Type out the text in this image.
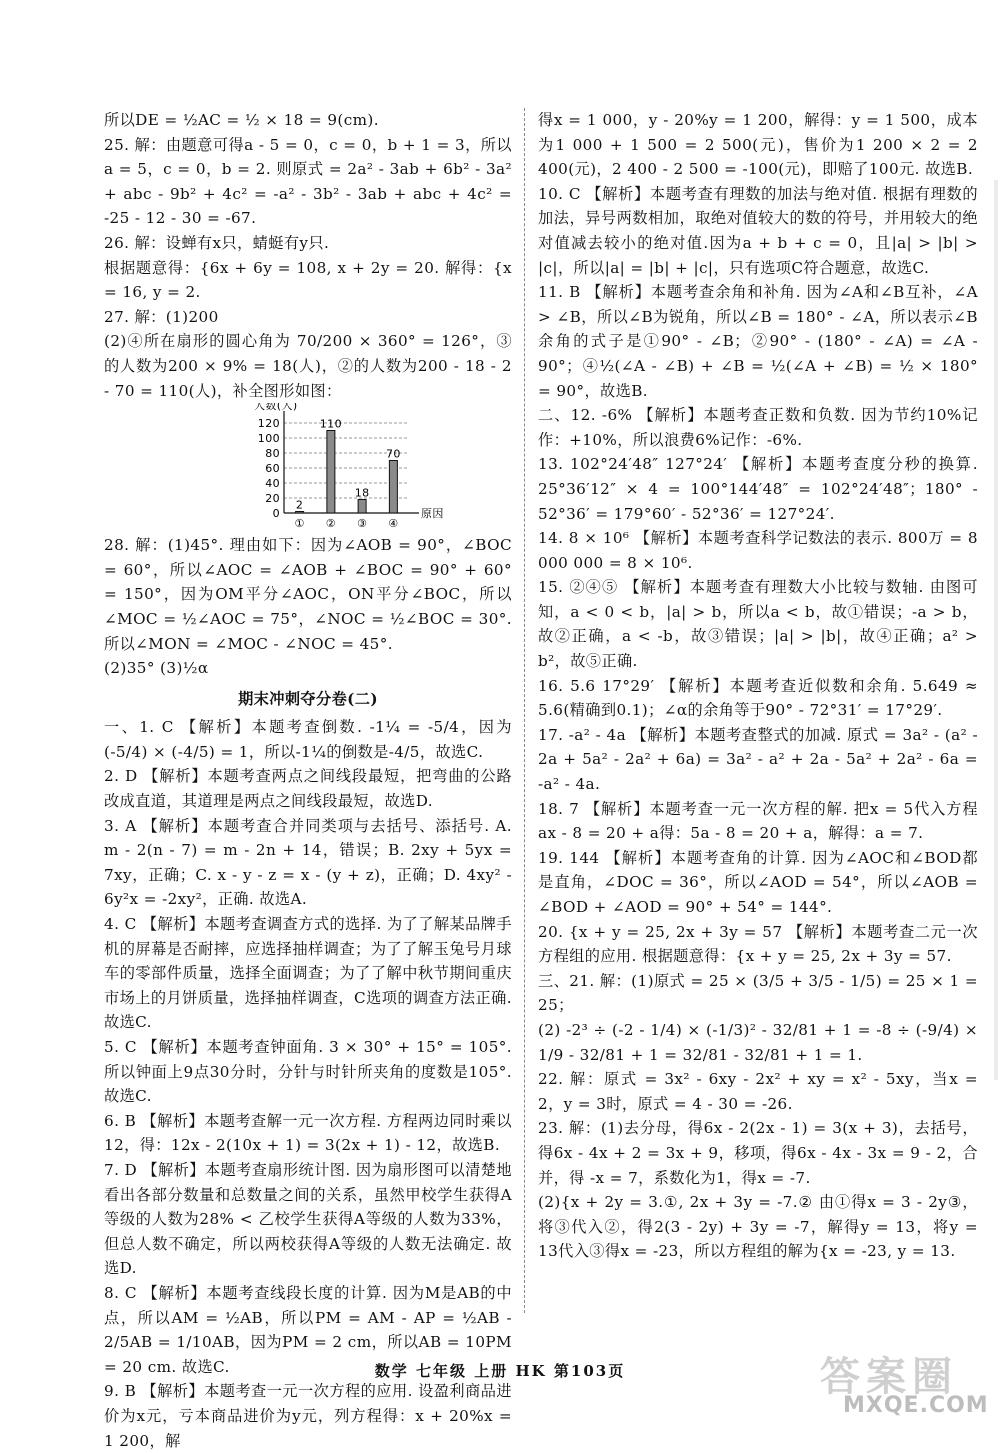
所以DE = ½AC = ½ × 18 = 9(cm).

25. 解：由题意可得a - 5 = 0，c = 0，b + 1 = 3，所以a = 5，c = 0，b = 2. 则原式 = 2a² - 3ab + 6b² - 3a² + abc - 9b² + 4c² = -a² - 3b² - 3ab + abc + 4c² = -25 - 12 - 30 = -67.

26. 解：设蝉有x只，蜻蜓有y只.

根据题意得：{6x + 6y = 108, x + 2y = 20. 解得：{x = 16, y = 2.

27. 解：(1)200

(2)④所在扇形的圆心角为 70/200 × 360° = 126°，③的人数为200 × 9% = 18(人)，②的人数为200 - 18 - 2 - 70 = 110(人)，补全图形如图：

0
20
40
60
80
100
120
人数(人)
原因
2
①
110
②
18
③
70
④

28. 解：(1)45°. 理由如下：因为∠AOB = 90°，∠BOC = 60°，所以∠AOC = ∠AOB + ∠BOC = 90° + 60° = 150°，因为OM平分∠AOC，ON平分∠BOC，所以∠MOC = ½∠AOC = 75°，∠NOC = ½∠BOC = 30°. 所以∠MON = ∠MOC - ∠NOC = 45°.

(2)35° (3)½α

期末冲刺夺分卷(二)

一、1. C 【解析】本题考查倒数. -1¼ = -5/4，因为(-5/4) × (-4/5) = 1，所以-1¼的倒数是-4/5，故选C.

2. D 【解析】本题考查两点之间线段最短，把弯曲的公路改成直道，其道理是两点之间线段最短，故选D.

3. A 【解析】本题考查合并同类项与去括号、添括号. A. m - 2(n - 7) = m - 2n + 14，错误；B. 2xy + 5yx = 7xy，正确；C. x - y - z = x - (y + z)，正确；D. 4xy² - 6y²x = -2xy²，正确. 故选A.

4. C 【解析】本题考查调查方式的选择. 为了了解某品牌手机的屏幕是否耐摔，应选择抽样调查；为了了解玉兔号月球车的零部件质量，选择全面调查；为了了解中秋节期间重庆市场上的月饼质量，选择抽样调查，C选项的调查方法正确. 故选C.

5. C 【解析】本题考查钟面角. 3 × 30° + 15° = 105°. 所以钟面上9点30分时，分针与时针所夹角的度数是105°. 故选C.

6. B 【解析】本题考查解一元一次方程. 方程两边同时乘以12，得：12x - 2(10x + 1) = 3(2x + 1) - 12，故选B.

7. D 【解析】本题考查扇形统计图. 因为扇形图可以清楚地看出各部分数量和总数量之间的关系，虽然甲校学生获得A等级的人数为28% < 乙校学生获得A等级的人数为33%，但总人数不确定，所以两校获得A等级的人数无法确定. 故选D.

8. C 【解析】本题考查线段长度的计算. 因为M是AB的中点，所以AM = ½AB，所以PM = AM - AP = ½AB - 2/5AB = 1/10AB，因为PM = 2 cm，所以AB = 10PM = 20 cm. 故选C.

9. B 【解析】本题考查一元一次方程的应用. 设盈利商品进价为x元，亏本商品进价为y元，列方程得：x + 20%x = 1 200，解

得x = 1 000，y - 20%y = 1 200，解得：y = 1 500，成本为1 000 + 1 500 = 2 500(元)，售价为1 200 × 2 = 2 400(元)，2 400 - 2 500 = -100(元)，即赔了100元. 故选B.

10. C 【解析】本题考查有理数的加法与绝对值. 根据有理数的加法，异号两数相加，取绝对值较大的数的符号，并用较大的绝对值减去较小的绝对值.因为a + b + c = 0，且|a| > |b| > |c|，所以|a| = |b| + |c|，只有选项C符合题意，故选C.

11. B 【解析】本题考查余角和补角. 因为∠A和∠B互补，∠A > ∠B，所以∠B为锐角，所以∠B = 180° - ∠A，所以表示∠B余角的式子是①90° - ∠B；②90° - (180° - ∠A) = ∠A - 90°；④½(∠A - ∠B) + ∠B = ½(∠A + ∠B) = ½ × 180° = 90°，故选B.

二、12. -6% 【解析】本题考查正数和负数. 因为节约10%记作：+10%，所以浪费6%记作：-6%.

13. 102°24′48″ 127°24′ 【解析】本题考查度分秒的换算. 25°36′12″ × 4 = 100°144′48″ = 102°24′48″；180° - 52°36′ = 179°60′ - 52°36′ = 127°24′.

14. 8 × 10⁶ 【解析】本题考查科学记数法的表示. 800万 = 8 000 000 = 8 × 10⁶.

15. ②④⑤ 【解析】本题考查有理数大小比较与数轴. 由图可知，a < 0 < b，|a| > b，所以a < b，故①错误；-a > b，故②正确，a < -b，故③错误；|a| > |b|，故④正确；a² > b²，故⑤正确.

16. 5.6 17°29′ 【解析】本题考查近似数和余角. 5.649 ≈ 5.6(精确到0.1)；∠α的余角等于90° - 72°31′ = 17°29′.

17. -a² - 4a 【解析】本题考查整式的加减. 原式 = 3a² - (a² - 2a + 5a² - 2a² + 6a) = 3a² - a² + 2a - 5a² + 2a² - 6a = -a² - 4a.

18. 7 【解析】本题考查一元一次方程的解. 把x = 5代入方程ax - 8 = 20 + a得：5a - 8 = 20 + a，解得：a = 7.

19. 144 【解析】本题考查角的计算. 因为∠AOC和∠BOD都是直角，∠DOC = 36°，所以∠AOD = 54°，所以∠AOB = ∠BOD + ∠AOD = 90° + 54° = 144°.

20. {x + y = 25, 2x + 3y = 57 【解析】本题考查二元一次方程组的应用. 根据题意得：{x + y = 25, 2x + 3y = 57.

三、21. 解：(1)原式 = 25 × (3/5 + 3/5 - 1/5) = 25 × 1 = 25；

(2) -2³ ÷ (-2 - 1/4) × (-1/3)² - 32/81 + 1 = -8 ÷ (-9/4) × 1/9 - 32/81 + 1 = 32/81 - 32/81 + 1 = 1.

22. 解：原式 = 3x² - 6xy - 2x² + xy = x² - 5xy，当x = 2，y = 3时，原式 = 4 - 30 = -26.

23. 解：(1)去分母，得6x - 2(2x - 1) = 3(x + 3)，去括号，得6x - 4x + 2 = 3x + 9，移项，得6x - 4x - 3x = 9 - 2，合并，得 -x = 7，系数化为1，得x = -7.

(2){x + 2y = 3.①, 2x + 3y = -7.② 由①得x = 3 - 2y③，将③代入②，得2(3 - 2y) + 3y = -7，解得y = 13，将y = 13代入③得x = -23，所以方程组的解为{x = -23, y = 13.

数学 七年级 上册 HK 第103页	答案圈
MXQE.COM
